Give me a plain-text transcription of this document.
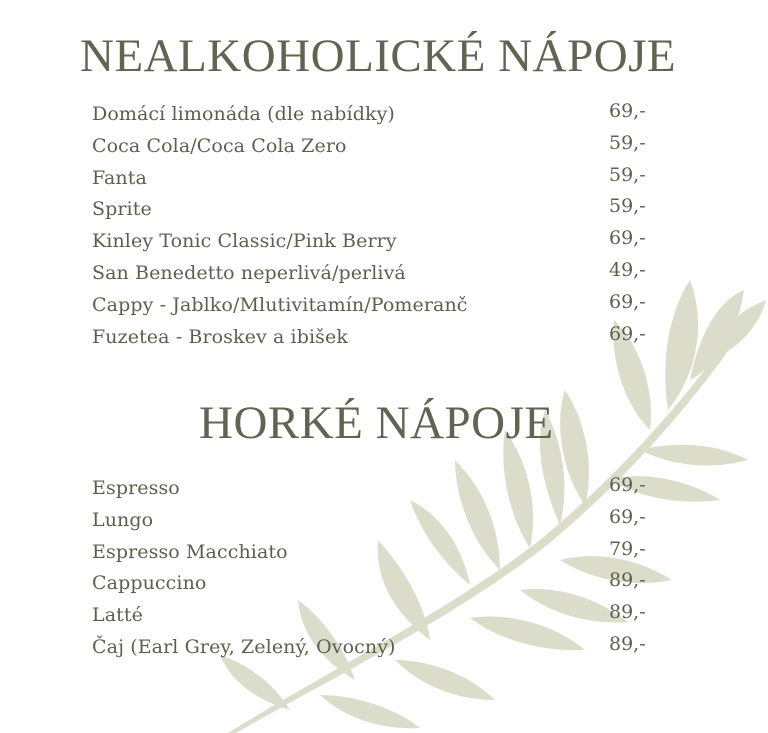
NEALKOHOLICKÉ NÁPOJE
Domácí limonáda (dle nabídky)	69,-
Coca Cola/Coca Cola Zero	59,-
Fanta	59,-
Sprite	59,-
Kinley Tonic Classic/Pink Berry	69,-
San Benedetto neperlivá/perlivá	49,-
Cappy - Jablko/Mlutivitamín/Pomeranč	69,-
Fuzetea - Broskev a ibišek	69,-
HORKÉ NÁPOJE
Espresso	69,-
Lungo	69,-
Espresso Macchiato	79,-
Cappuccino	89,-
Latté	89,-
Čaj (Earl Grey, Zelený, Ovocný)	89,-
